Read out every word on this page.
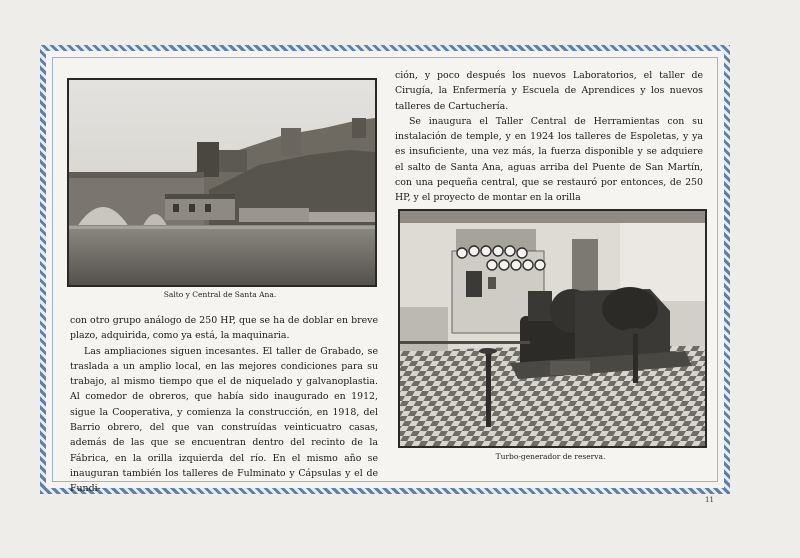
Salto y Central de Santa Ana.
Turbo-generador de reserva.

ción, y poco después los nuevos Laboratorios, el taller de Cirugía, la Enfermería y Escuela de Aprendices y los nuevos talleres de Cartuchería.

Se inaugura el Taller Central de Herramientas con su instalación de temple, y en 1924 los talleres de Espoletas, y ya es insuficiente, una vez más, la fuerza disponible y se adquiere el salto de Santa Ana, aguas arriba del Puente de San Martín, con una pequeña central, que se restauró por entonces, de 250 HP, y el proyecto de montar en la orilla

con otro grupo análogo de 250 HP, que se ha de doblar en breve plazo, adquirida, como ya está, la maquinaria.

Las ampliaciones siguen incesantes. El taller de Grabado, se traslada a un amplio local, en las mejores condiciones para su trabajo, al mismo tiempo que el de niquelado y galvanoplastia. Al comedor de obreros, que había sido inaugurado en 1912, sigue la Cooperativa, y comienza la construcción, en 1918, del Barrio obrero, del que van construídas veinticuatro casas, además de las que se encuentran dentro del recinto de la Fábrica, en la orilla izquierda del río. En el mismo año se inauguran también los talleres de Fulminato y Cápsulas y el de Fundi-

11
